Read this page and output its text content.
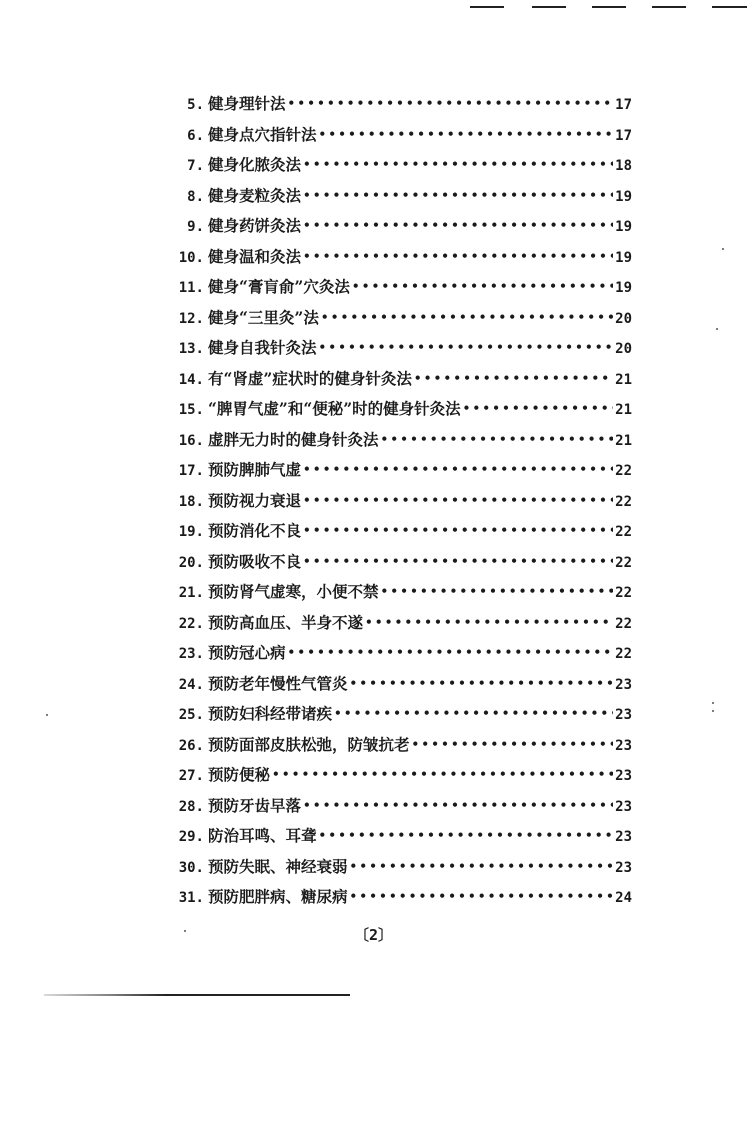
5. 健身理针法 •••••	17
6. 健身点穴指针法 •••••	17
7. 健身化脓灸法 •••••	18
8. 健身麦粒灸法 •••••	19
9. 健身药饼灸法 •••••	19
10. 健身温和灸法 •••••	19
11. 健身“膏肓俞”穴灸法 •••••	19
12. 健身“三里灸”法 •••••	20
13. 健身自我针灸法 •••••	20
14. 有“肾虚”症状时的健身针灸法 •••••	21
15. “脾胃气虚”和“便秘”时的健身针灸法 •••••	21
16. 虚胖无力时的健身针灸法 •••••	21
17. 预防脾肺气虚 •••••	22
18. 预防视力衰退 •••••	22
19. 预防消化不良 •••••	22
20. 预防吸收不良 •••••	22
21. 预防肾气虚寒，小便不禁 •••••	22
22. 预防高血压、半身不遂 •••••	22
23. 预防冠心病 •••••	22
24. 预防老年慢性气管炎 •••••	23
25. 预防妇科经带诸疾 •••••	23
26. 预防面部皮肤松弛，防皱抗老 •••••	23
27. 预防便秘 •••••	23
28. 预防牙齿早落 •••••	23
29. 防治耳鸣、耳聋 •••••	23
30. 预防失眠、神经衰弱 •••••	23
31. 预防肥胖病、糖尿病 •••••	24
〔2〕
